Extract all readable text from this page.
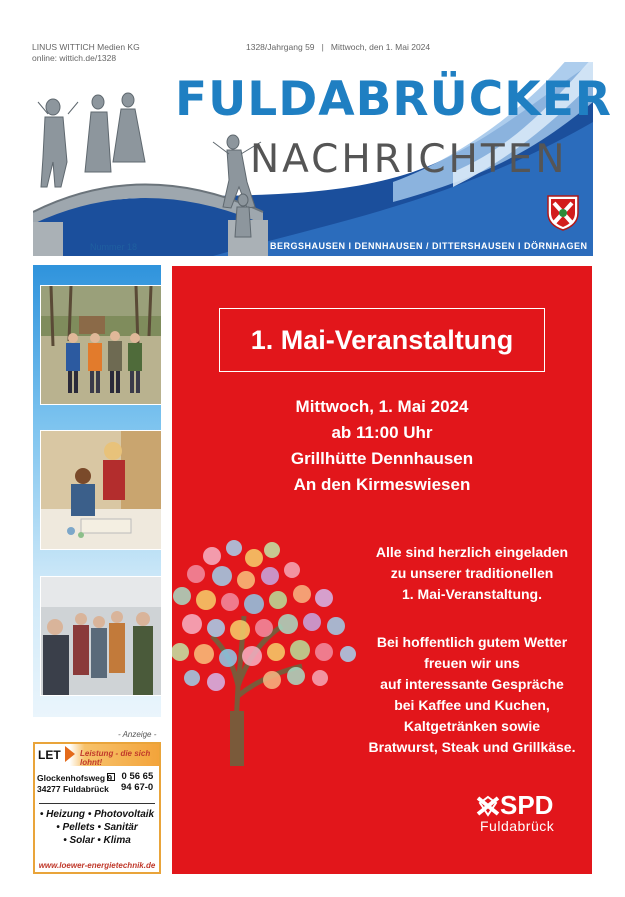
LINUS WITTICH Medien KG
online: wittich.de/1328
1328/Jahrgang 59   |   Mittwoch, den 1. Mai 2024
FULDABRÜCKER
NACHRICHTEN
Nummer 18	BERGSHAUSEN I DENNHAUSEN / DITTERSHAUSEN I DÖRNHAGEN
- Anzeige -
LET Leistung - die sich lohnt!
Glockenhofsweg 9
34277 Fuldabrück
0 56 65
94 67-0
• Heizung • Photovoltaik
• Pellets • Sanitär
• Solar • Klima
www.loewer-energietechnik.de
1. Mai-Veranstaltung
Mittwoch, 1. Mai 2024
ab 11:00 Uhr
Grillhütte Dennhausen
An den Kirmeswiesen
Alle sind herzlich eingeladen
zu unserer traditionellen
1. Mai-Veranstaltung.
Bei hoffentlich gutem Wetter
freuen wir uns
auf interessante Gespräche
bei Kaffee und Kuchen,
Kaltgetränken sowie
Bratwurst, Steak und Grillkäse.
SPD
Fuldabrück
